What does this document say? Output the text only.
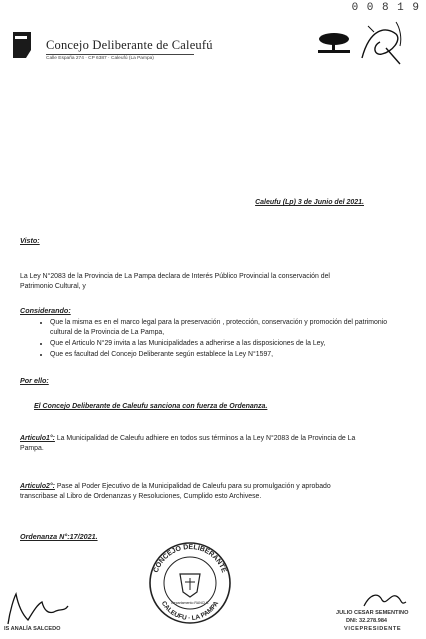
0 0 8 1 9
Concejo Deliberante de Caleufú
Calle España 274 · CP 6387 · Caleufú (La Pampa)
Caleufu (Lp) 3 de Junio del 2021.
Visto:
La Ley N°2083 de la Provincia de La Pampa declara de Interés Público Provincial la conservación del Patrimonio Cultural, y
Considerando:
• Que la misma es en el marco legal para la preservación , protección, conservación y promoción del patrimonio cultural de la Provincia de La Pampa,
• Que el Articulo N°29 invita a las Municipalidades a adherirse a las disposiciones de la Ley,
• Que es facultad del Concejo Deliberante según establece la Ley N°1597,
Por ello:
El Concejo Deliberante de Caleufu sanciona con fuerza de Ordenanza.
Articulo1°: La Municipalidad de Caleufu adhiere en todos sus términos a la Ley N°2083 de la Provincia de La Pampa.
Articulo2°: Pase al Poder Ejecutivo de la Municipalidad de Caleufu para su promulgación y aprobado transcribase al Libro de Ordenanzas y Resoluciones, Cumplido esto Archivese.
Ordenanza N°:17/2021.
CONCEJO DELIBERANTE
CALEUFU · LA PAMPA
Departamento RANCUL
IS ANALÍA SALCEDO
JULIO CESAR SEMENTINO
DNI: 32.278.984
VICEPRESIDENTE
